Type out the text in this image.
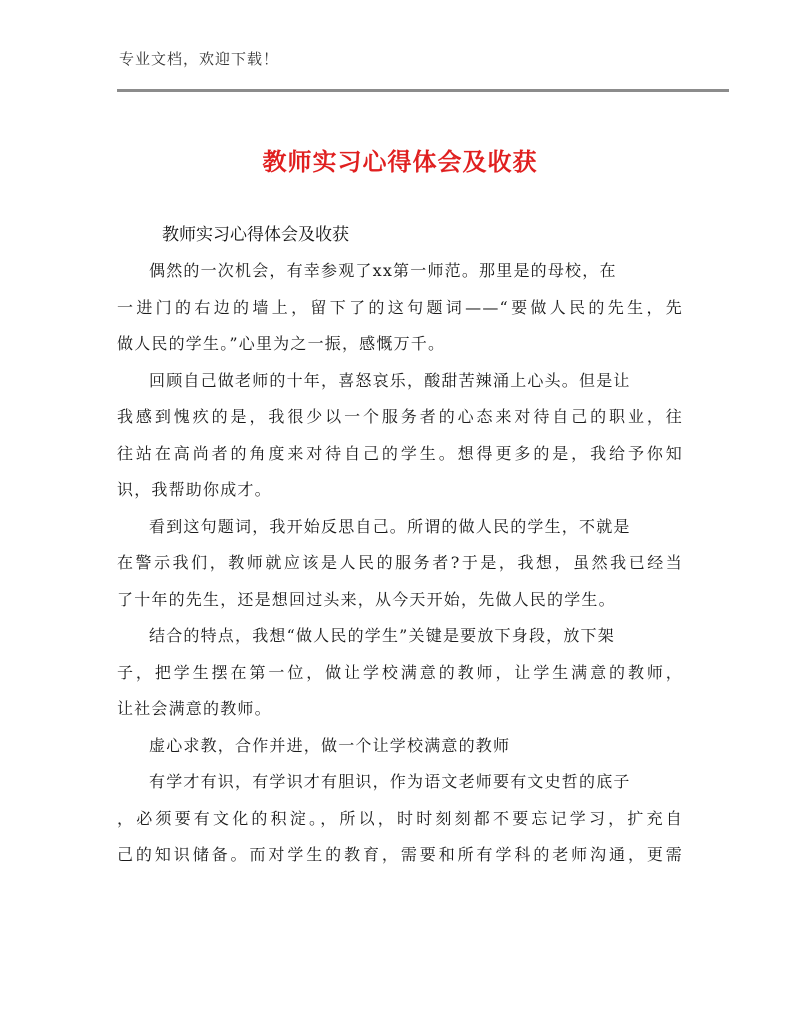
专业文档，欢迎下载！
教师实习心得体会及收获
教师实习心得体会及收获
偶然的一次机会，有幸参观了xx第一师范。那里是的母校，在
一进门的右边的墙上，留下了的这句题词——“要做人民的先生，先
做人民的学生。”心里为之一振，感慨万千。
回顾自己做老师的十年，喜怒哀乐，酸甜苦辣涌上心头。但是让
我感到愧疚的是，我很少以一个服务者的心态来对待自己的职业，往
往站在高尚者的角度来对待自己的学生。想得更多的是，我给予你知
识，我帮助你成才。
看到这句题词，我开始反思自己。所谓的做人民的学生，不就是
在警示我们，教师就应该是人民的服务者?于是，我想，虽然我已经当
了十年的先生，还是想回过头来，从今天开始，先做人民的学生。
结合的特点，我想“做人民的学生”关键是要放下身段，放下架
子，把学生摆在第一位，做让学校满意的教师，让学生满意的教师，
让社会满意的教师。
虚心求教，合作并进，做一个让学校满意的教师
有学才有识，有学识才有胆识，作为语文老师要有文史哲的底子
，必须要有文化的积淀。，所以，时时刻刻都不要忘记学习，扩充自
己的知识储备。而对学生的教育，需要和所有学科的老师沟通，更需
